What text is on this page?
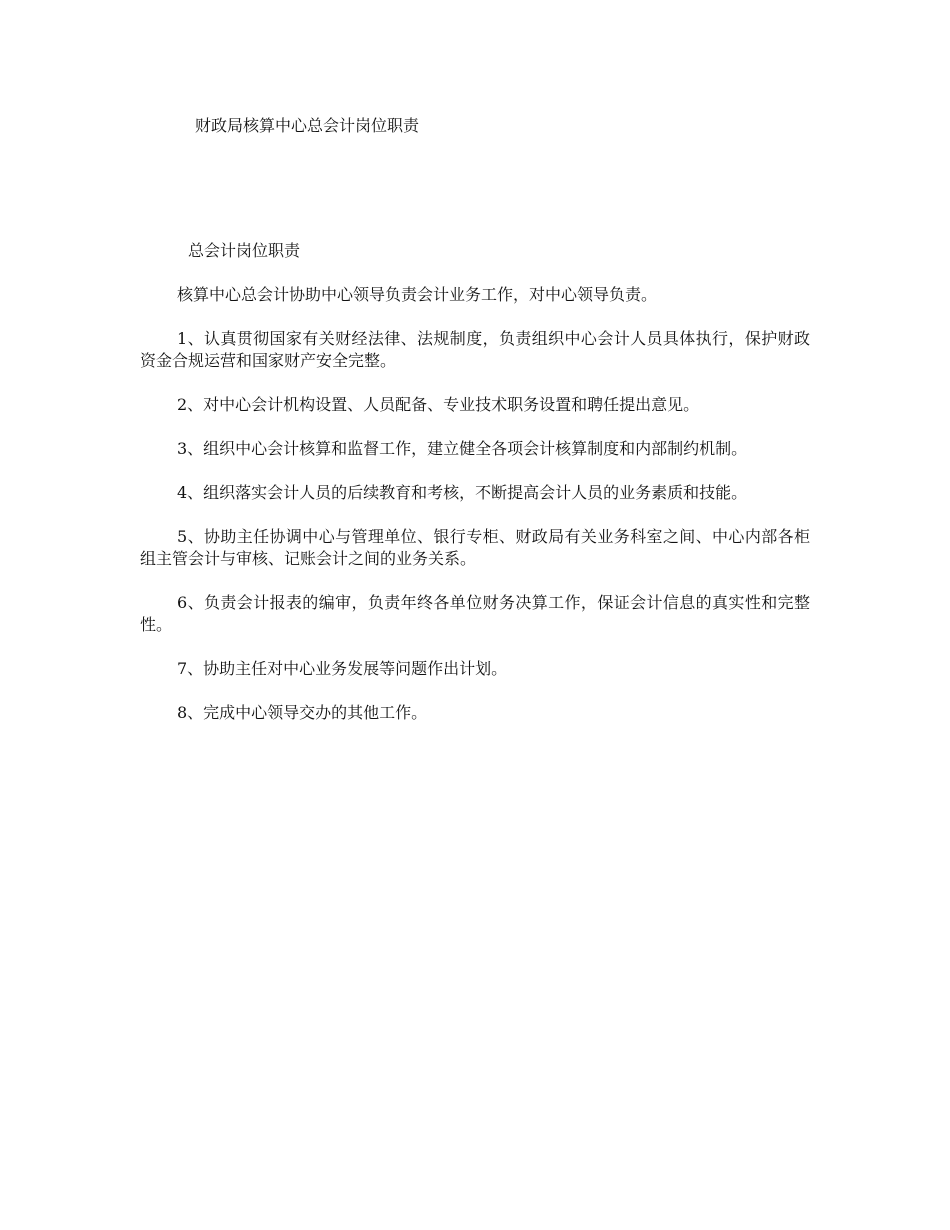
财政局核算中心总会计岗位职责
总会计岗位职责

核算中心总会计协助中心领导负责会计业务工作，对中心领导负责。

1、认真贯彻国家有关财经法律、法规制度，负责组织中心会计人员具体执行，保护财政资金合规运营和国家财产安全完整。

2、对中心会计机构设置、人员配备、专业技术职务设置和聘任提出意见。

3、组织中心会计核算和监督工作，建立健全各项会计核算制度和内部制约机制。

4、组织落实会计人员的后续教育和考核，不断提高会计人员的业务素质和技能。

5、协助主任协调中心与管理单位、银行专柜、财政局有关业务科室之间、中心内部各柜组主管会计与审核、记账会计之间的业务关系。

6、负责会计报表的编审，负责年终各单位财务决算工作，保证会计信息的真实性和完整性。

7、协助主任对中心业务发展等问题作出计划。

8、完成中心领导交办的其他工作。
